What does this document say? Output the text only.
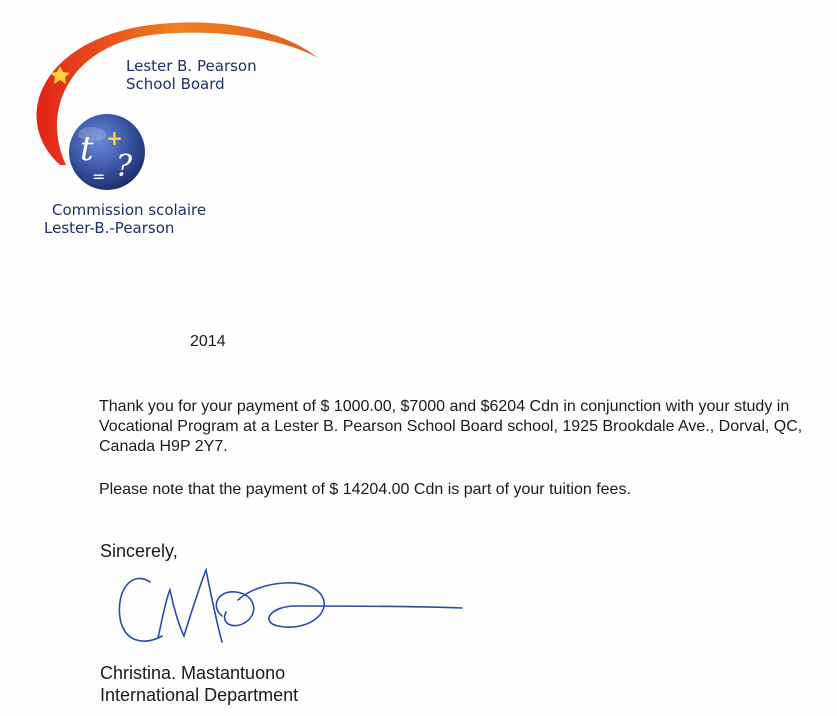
t +
?
=
Lester B. Pearson
School Board
Commission scolaire
Lester-B.-Pearson
2014

Thank you for your payment of $ 1000.00, $7000 and $6204 Cdn in conjunction with your study in Vocational Program at a Lester B. Pearson School Board school, 1925 Brookdale Ave., Dorval, QC, Canada H9P 2Y7.

Please note that the payment of $ 14204.00 Cdn is part of your tuition fees.

Sincerely,
Christina. Mastantuono
International Department
